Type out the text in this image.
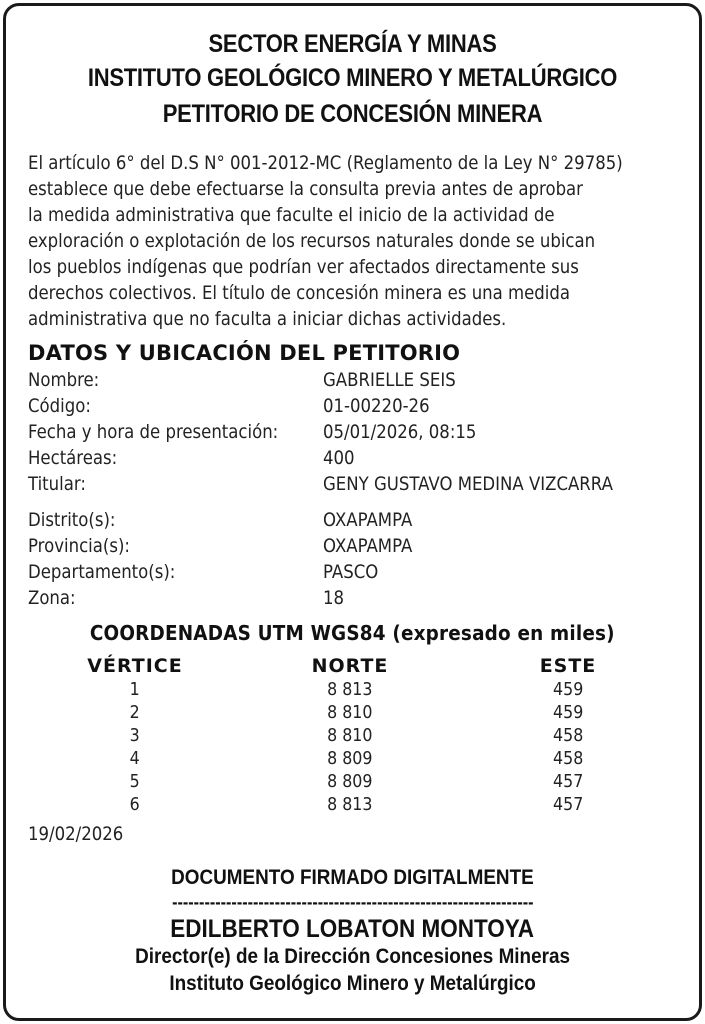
SECTOR ENERGÍA Y MINAS
INSTITUTO GEOLÓGICO MINERO Y METALÚRGICO
PETITORIO DE CONCESIÓN MINERA
El artículo 6° del D.S N° 001-2012-MC (Reglamento de la Ley N° 29785)
establece que debe efectuarse la consulta previa antes de aprobar
la medida administrativa que faculte el inicio de la actividad de
exploración o explotación de los recursos naturales donde se ubican
los pueblos indígenas que podrían ver afectados directamente sus
derechos colectivos. El título de concesión minera es una medida
administrativa que no faculta a iniciar dichas actividades.
DATOS Y UBICACIÓN DEL PETITORIO
Nombre:	GABRIELLE SEIS
Código:	01-00220-26
Fecha y hora de presentación: 05/01/2026, 08:15
Hectáreas:	400
Titular:	GENY GUSTAVO MEDINA VIZCARRA
Distrito(s):	OXAPAMPA
Provincia(s):	OXAPAMPA
Departamento(s):	PASCO
Zona:	18
COORDENADAS UTM WGS84 (expresado en miles)
VÉRTICE	NORTE	ESTE
1	8 813	459
2	8 810	459
3	8 810	458
4	8 809	458
5	8 809	457
6	8 813	457
19/02/2026
DOCUMENTO FIRMADO DIGITALMENTE
-------------------------------------------------------------------
EDILBERTO LOBATON MONTOYA
Director(e) de la Dirección Concesiones Mineras
Instituto Geológico Minero y Metalúrgico
